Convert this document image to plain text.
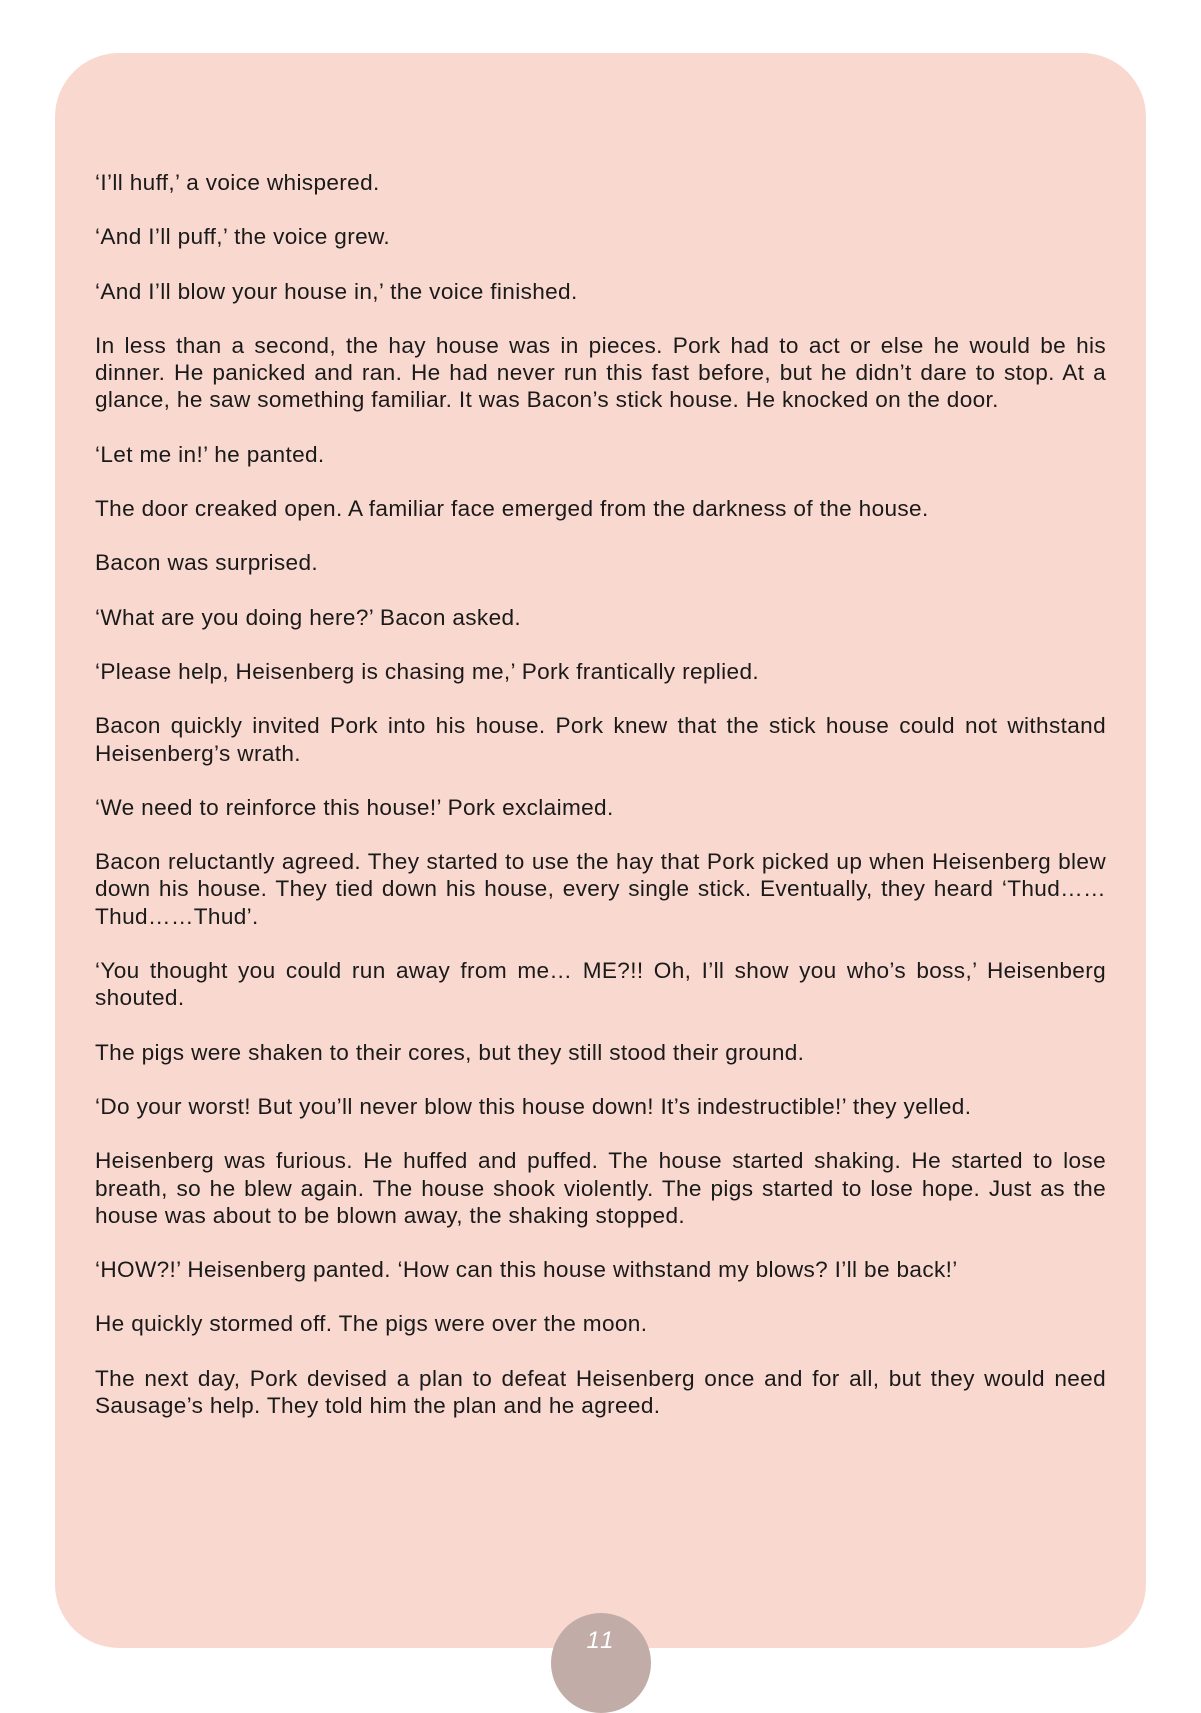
‘I’ll huff,’ a voice whispered.

‘And I’ll puff,’ the voice grew.

‘And I’ll blow your house in,’ the voice finished.

In less than a second, the hay house was in pieces. Pork had to act or else he would be his dinner. He panicked and ran. He had never run this fast before, but he didn’t dare to stop. At a glance, he saw something familiar. It was Bacon’s stick house. He knocked on the door.

‘Let me in!’ he panted.

The door creaked open. A familiar face emerged from the darkness of the house.

Bacon was surprised.

‘What are you doing here?’ Bacon asked.

‘Please help, Heisenberg is chasing me,’ Pork frantically replied.

Bacon quickly invited Pork into his house. Pork knew that the stick house could not withstand Heisenberg’s wrath.

‘We need to reinforce this house!’ Pork exclaimed.

Bacon reluctantly agreed. They started to use the hay that Pork picked up when Heisenberg blew down his house. They tied down his house, every single stick. Eventually, they heard ‘Thud……Thud……Thud’.

‘You thought you could run away from me… ME?!! Oh, I’ll show you who’s boss,’ Heisenberg shouted.

The pigs were shaken to their cores, but they still stood their ground.

‘Do your worst! But you’ll never blow this house down! It’s indestructible!’ they yelled.

Heisenberg was furious. He huffed and puffed. The house started shaking. He started to lose breath, so he blew again. The house shook violently. The pigs started to lose hope. Just as the house was about to be blown away, the shaking stopped.

‘HOW?!’ Heisenberg panted. ‘How can this house withstand my blows? I’ll be back!’

He quickly stormed off. The pigs were over the moon.

The next day, Pork devised a plan to defeat Heisenberg once and for all, but they would need Sausage’s help. They told him the plan and he agreed.

11
